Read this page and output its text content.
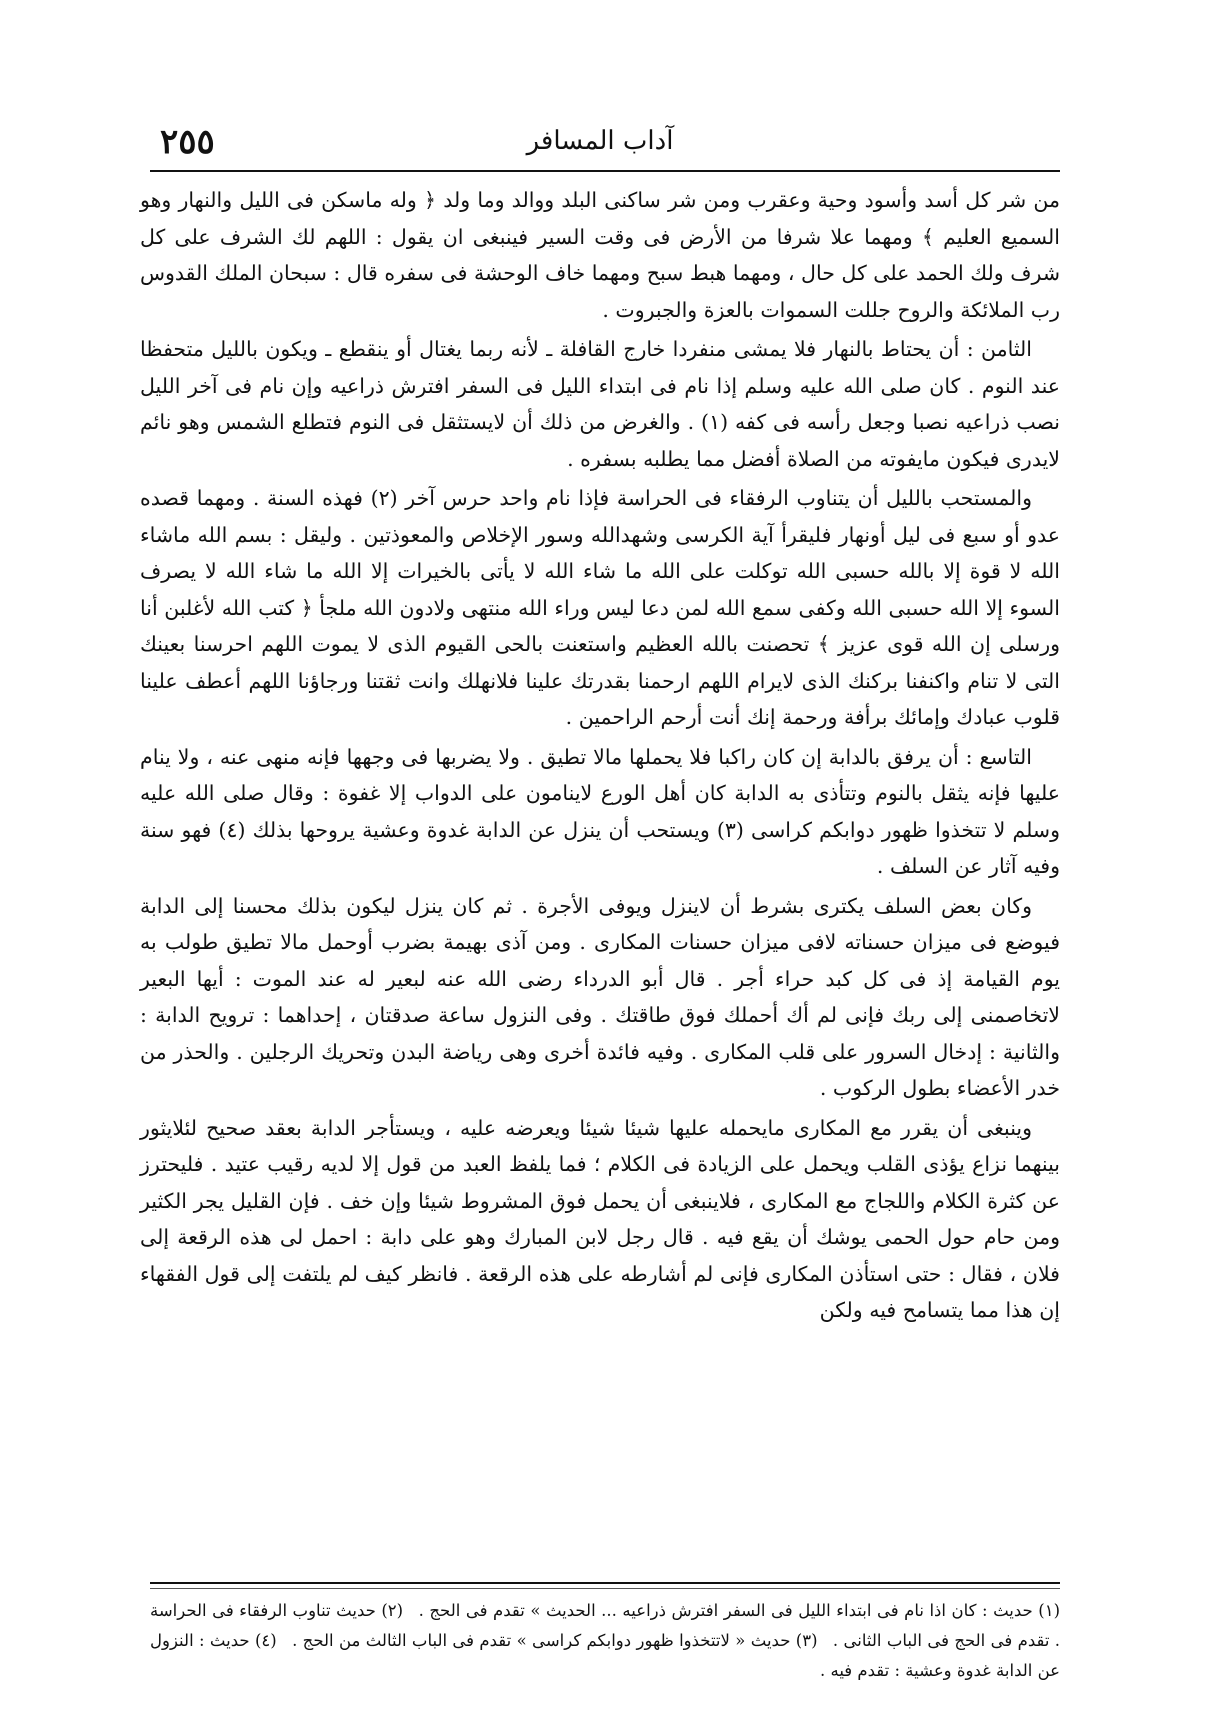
٢٥٥	آداب المسافر

من شر كل أسد وأسود وحية وعقرب ومن شر ساكنى البلد ووالد وما ولد ﴿ وله ماسكن فى الليل والنهار وهو السميع العليم ﴾ ومهما علا شرفا من الأرض فى وقت السير فينبغى ان يقول : اللهم لك الشرف على كل شرف ولك الحمد على كل حال ، ومهما هبط سبح ومهما خاف الوحشة فى سفره قال : سبحان الملك القدوس رب الملائكة والروح جللت السموات بالعزة والجبروت .

الثامن : أن يحتاط بالنهار فلا يمشى منفردا خارج القافلة ـ لأنه ربما يغتال أو ينقطع ـ ويكون بالليل متحفظا عند النوم . كان صلى الله عليه وسلم إذا نام فى ابتداء الليل فى السفر افترش ذراعيه وإن نام فى آخر الليل نصب ذراعيه نصبا وجعل رأسه فى كفه (١) . والغرض من ذلك أن لايستثقل فى النوم فتطلع الشمس وهو نائم لايدرى فيكون مايفوته من الصلاة أفضل مما يطلبه بسفره .

والمستحب بالليل أن يتناوب الرفقاء فى الحراسة فإذا نام واحد حرس آخر (٢) فهذه السنة . ومهما قصده عدو أو سبع فى ليل أونهار فليقرأ آية الكرسى وشهدالله وسور الإخلاص والمعوذتين . وليقل : بسم الله ماشاء الله لا قوة إلا بالله حسبى الله توكلت على الله ما شاء الله لا يأتى بالخيرات إلا الله ما شاء الله لا يصرف السوء إلا الله حسبى الله وكفى سمع الله لمن دعا ليس وراء الله منتهى ولادون الله ملجأ ﴿ كتب الله لأغلبن أنا ورسلى إن الله قوى عزيز ﴾ تحصنت بالله العظيم واستعنت بالحى القيوم الذى لا يموت اللهم احرسنا بعينك التى لا تنام واكنفنا بركنك الذى لايرام اللهم ارحمنا بقدرتك علينا فلانهلك وانت ثقتنا ورجاؤنا اللهم أعطف علينا قلوب عبادك وإمائك برأفة ورحمة إنك أنت أرحم الراحمين .

التاسع : أن يرفق بالدابة إن كان راكبا فلا يحملها مالا تطيق . ولا يضربها فى وجهها فإنه منهى عنه ، ولا ينام عليها فإنه يثقل بالنوم وتتأذى به الدابة كان أهل الورع لاينامون على الدواب إلا غفوة : وقال صلى الله عليه وسلم لا تتخذوا ظهور دوابكم كراسى (٣) ويستحب أن ينزل عن الدابة غدوة وعشية يروحها بذلك (٤) فهو سنة وفيه آثار عن السلف .

وكان بعض السلف يكترى بشرط أن لاينزل ويوفى الأجرة . ثم كان ينزل ليكون بذلك محسنا إلى الدابة فيوضع فى ميزان حسناته لافى ميزان حسنات المكارى . ومن آذى بهيمة بضرب أوحمل مالا تطيق طولب به يوم القيامة إذ فى كل كبد حراء أجر . قال أبو الدرداء رضى الله عنه لبعير له عند الموت : أيها البعير لاتخاصمنى إلى ربك فإنى لم أك أحملك فوق طاقتك . وفى النزول ساعة صدقتان ، إحداهما : ترويح الدابة : والثانية : إدخال السرور على قلب المكارى . وفيه فائدة أخرى وهى رياضة البدن وتحريك الرجلين . والحذر من خدر الأعضاء بطول الركوب .

وينبغى أن يقرر مع المكارى مايحمله عليها شيئا شيئا ويعرضه عليه ، ويستأجر الدابة بعقد صحيح لئلايثور بينهما نزاع يؤذى القلب ويحمل على الزيادة فى الكلام ؛ فما يلفظ العبد من قول إلا لديه رقيب عتيد . فليحترز عن كثرة الكلام واللجاج مع المكارى ، فلاينبغى أن يحمل فوق المشروط شيئا وإن خف . فإن القليل يجر الكثير ومن حام حول الحمى يوشك أن يقع فيه . قال رجل لابن المبارك وهو على دابة : احمل لى هذه الرقعة إلى فلان ، فقال : حتى استأذن المكارى فإنى لم أشارطه على هذه الرقعة . فانظر كيف لم يلتفت إلى قول الفقهاء إن هذا مما يتسامح فيه ولكن

(١) حديث : كان اذا نام فى ابتداء الليل فى السفر افترش ذراعيه ... الحديث » تقدم فى الحج . (٢) حديث تناوب الرفقاء فى الحراسة . تقدم فى الحج فى الباب الثانى . (٣) حديث « لاتتخذوا ظهور دوابكم كراسى » تقدم فى الباب الثالث من الحج . (٤) حديث : النزول عن الدابة غدوة وعشية : تقدم فيه .
